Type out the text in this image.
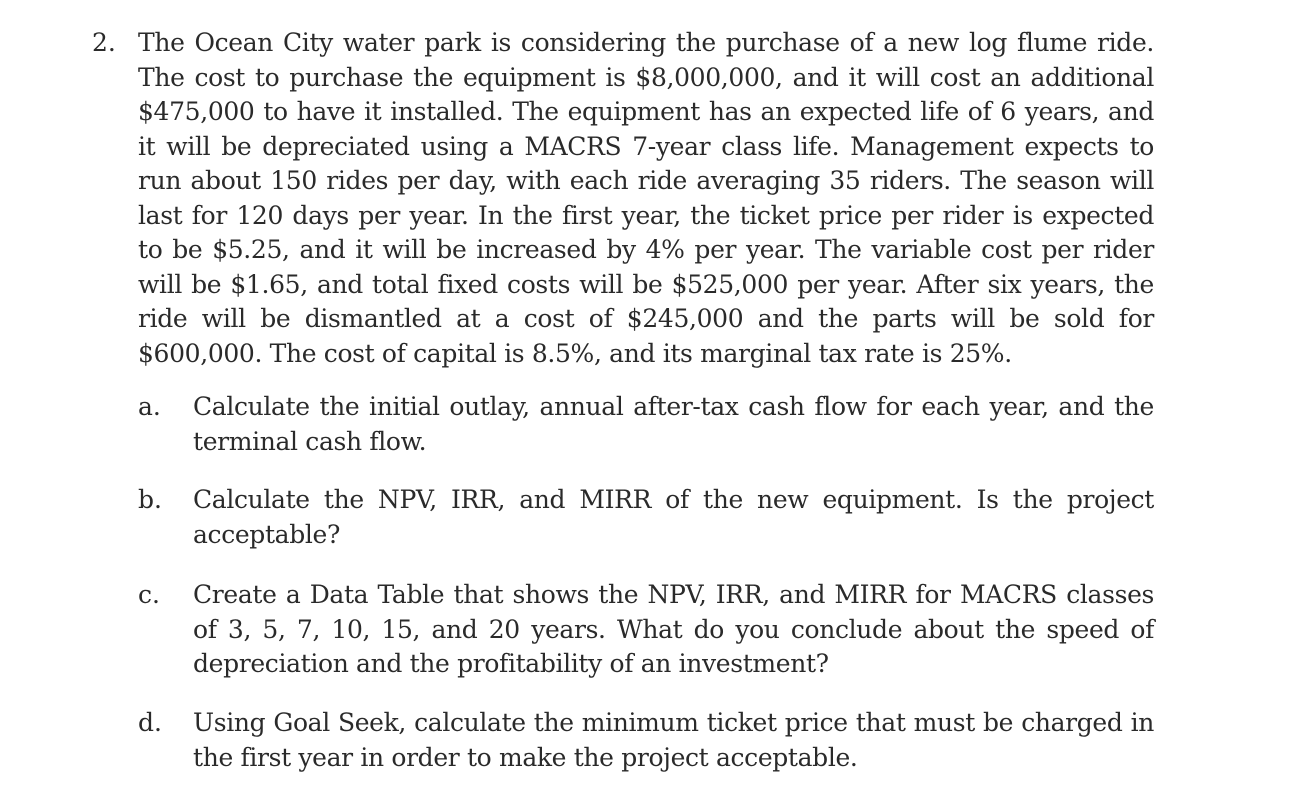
2. The Ocean City water park is considering the purchase of a new log flume ride. The cost to purchase the equipment is $8,000,000, and it will cost an additional $475,000 to have it installed. The equipment has an expected life of 6 years, and it will be depreciated using a MACRS 7-year class life. Management expects to run about 150 rides per day, with each ride averaging 35 riders. The season will last for 120 days per year. In the first year, the ticket price per rider is expected to be $5.25, and it will be increased by 4% per year. The variable cost per rider will be $1.65, and total fixed costs will be $525,000 per year. After six years, the ride will be dismantled at a cost of $245,000 and the parts will be sold for $600,000. The cost of capital is 8.5%, and its marginal tax rate is 25%.

a. Calculate the initial outlay, annual after-tax cash flow for each year, and the terminal cash flow.

b. Calculate the NPV, IRR, and MIRR of the new equipment. Is the project acceptable?

c. Create a Data Table that shows the NPV, IRR, and MIRR for MACRS classes of 3, 5, 7, 10, 15, and 20 years. What do you conclude about the speed of depreciation and the profitability of an investment?

d. Using Goal Seek, calculate the minimum ticket price that must be charged in the first year in order to make the project acceptable.
